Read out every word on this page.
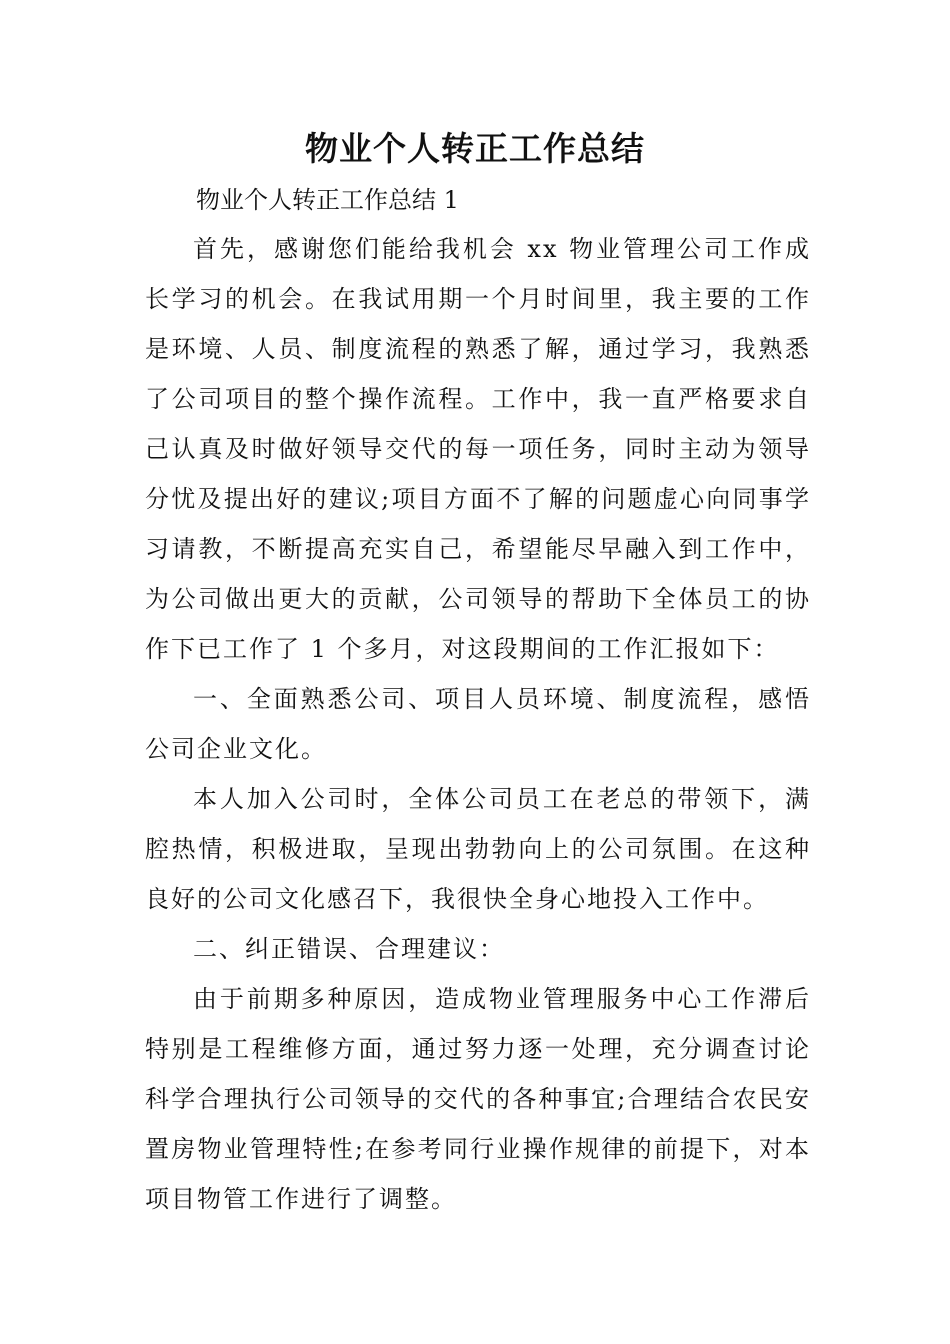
物业个人转正工作总结

物业个人转正工作总结 1

首先，感谢您们能给我机会 xx 物业管理公司工作成长学习的机会。在我试用期一个月时间里，我主要的工作是环境、人员、制度流程的熟悉了解，通过学习，我熟悉了公司项目的整个操作流程。工作中，我一直严格要求自己认真及时做好领导交代的每一项任务，同时主动为领导分忧及提出好的建议;项目方面不了解的问题虚心向同事学习请教，不断提高充实自己，希望能尽早融入到工作中，为公司做出更大的贡献，公司领导的帮助下全体员工的协作下已工作了 1 个多月，对这段期间的工作汇报如下：

一、全面熟悉公司、项目人员环境、制度流程，感悟公司企业文化。

本人加入公司时，全体公司员工在老总的带领下，满腔热情，积极进取，呈现出勃勃向上的公司氛围。在这种良好的公司文化感召下，我很快全身心地投入工作中。

二、纠正错误、合理建议：

由于前期多种原因，造成物业管理服务中心工作滞后特别是工程维修方面，通过努力逐一处理，充分调查讨论科学合理执行公司领导的交代的各种事宜;合理结合农民安置房物业管理特性;在参考同行业操作规律的前提下，对本项目物管工作进行了调整。
